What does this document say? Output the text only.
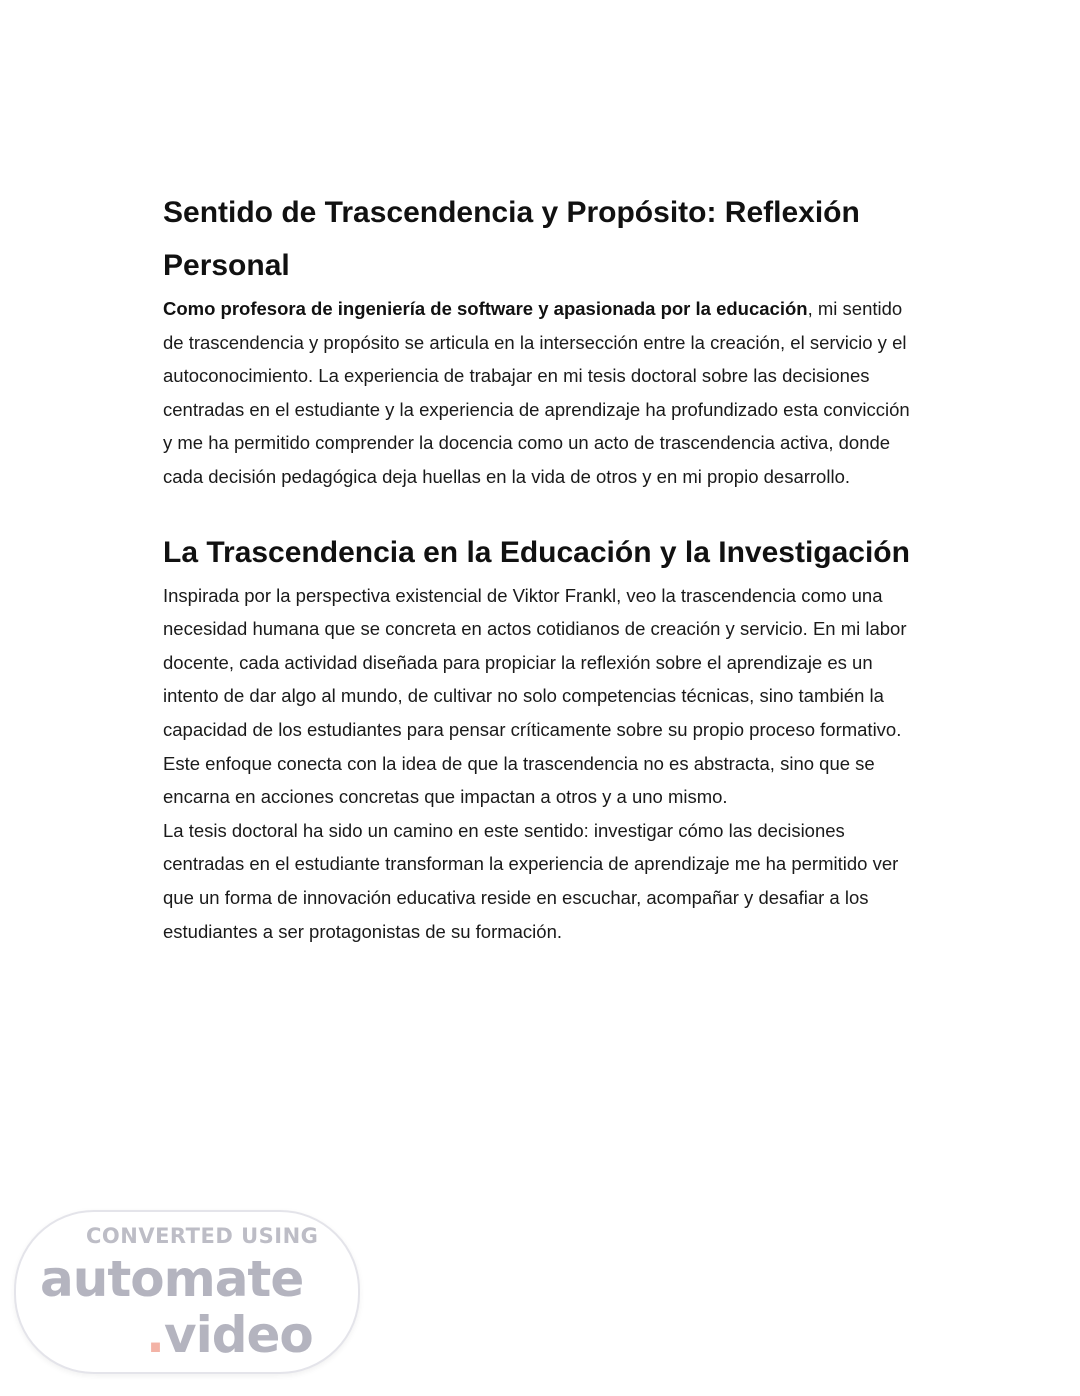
Sentido de Trascendencia y Propósito: Reflexión Personal

Como profesora de ingeniería de software y apasionada por la educación, mi sentido de trascendencia y propósito se articula en la intersección entre la creación, el servicio y el autoconocimiento. La experiencia de trabajar en mi tesis doctoral sobre las decisiones centradas en el estudiante y la experiencia de aprendizaje ha profundizado esta convicción y me ha permitido comprender la docencia como un acto de trascendencia activa, donde cada decisión pedagógica deja huellas en la vida de otros y en mi propio desarrollo.

La Trascendencia en la Educación y la Investigación

Inspirada por la perspectiva existencial de Viktor Frankl, veo la trascendencia como una necesidad humana que se concreta en actos cotidianos de creación y servicio. En mi labor docente, cada actividad diseñada para propiciar la reflexión sobre el aprendizaje es un intento de dar algo al mundo, de cultivar no solo competencias técnicas, sino también la capacidad de los estudiantes para pensar críticamente sobre su propio proceso formativo. Este enfoque conecta con la idea de que la trascendencia no es abstracta, sino que se encarna en acciones concretas que impactan a otros y a uno mismo.

La tesis doctoral ha sido un camino en este sentido: investigar cómo las decisiones centradas en el estudiante transforman la experiencia de aprendizaje me ha permitido ver que un forma de innovación educativa reside en escuchar, acompañar y desafiar a los estudiantes a ser protagonistas de su formación.

CONVERTED USING
automate
.video
